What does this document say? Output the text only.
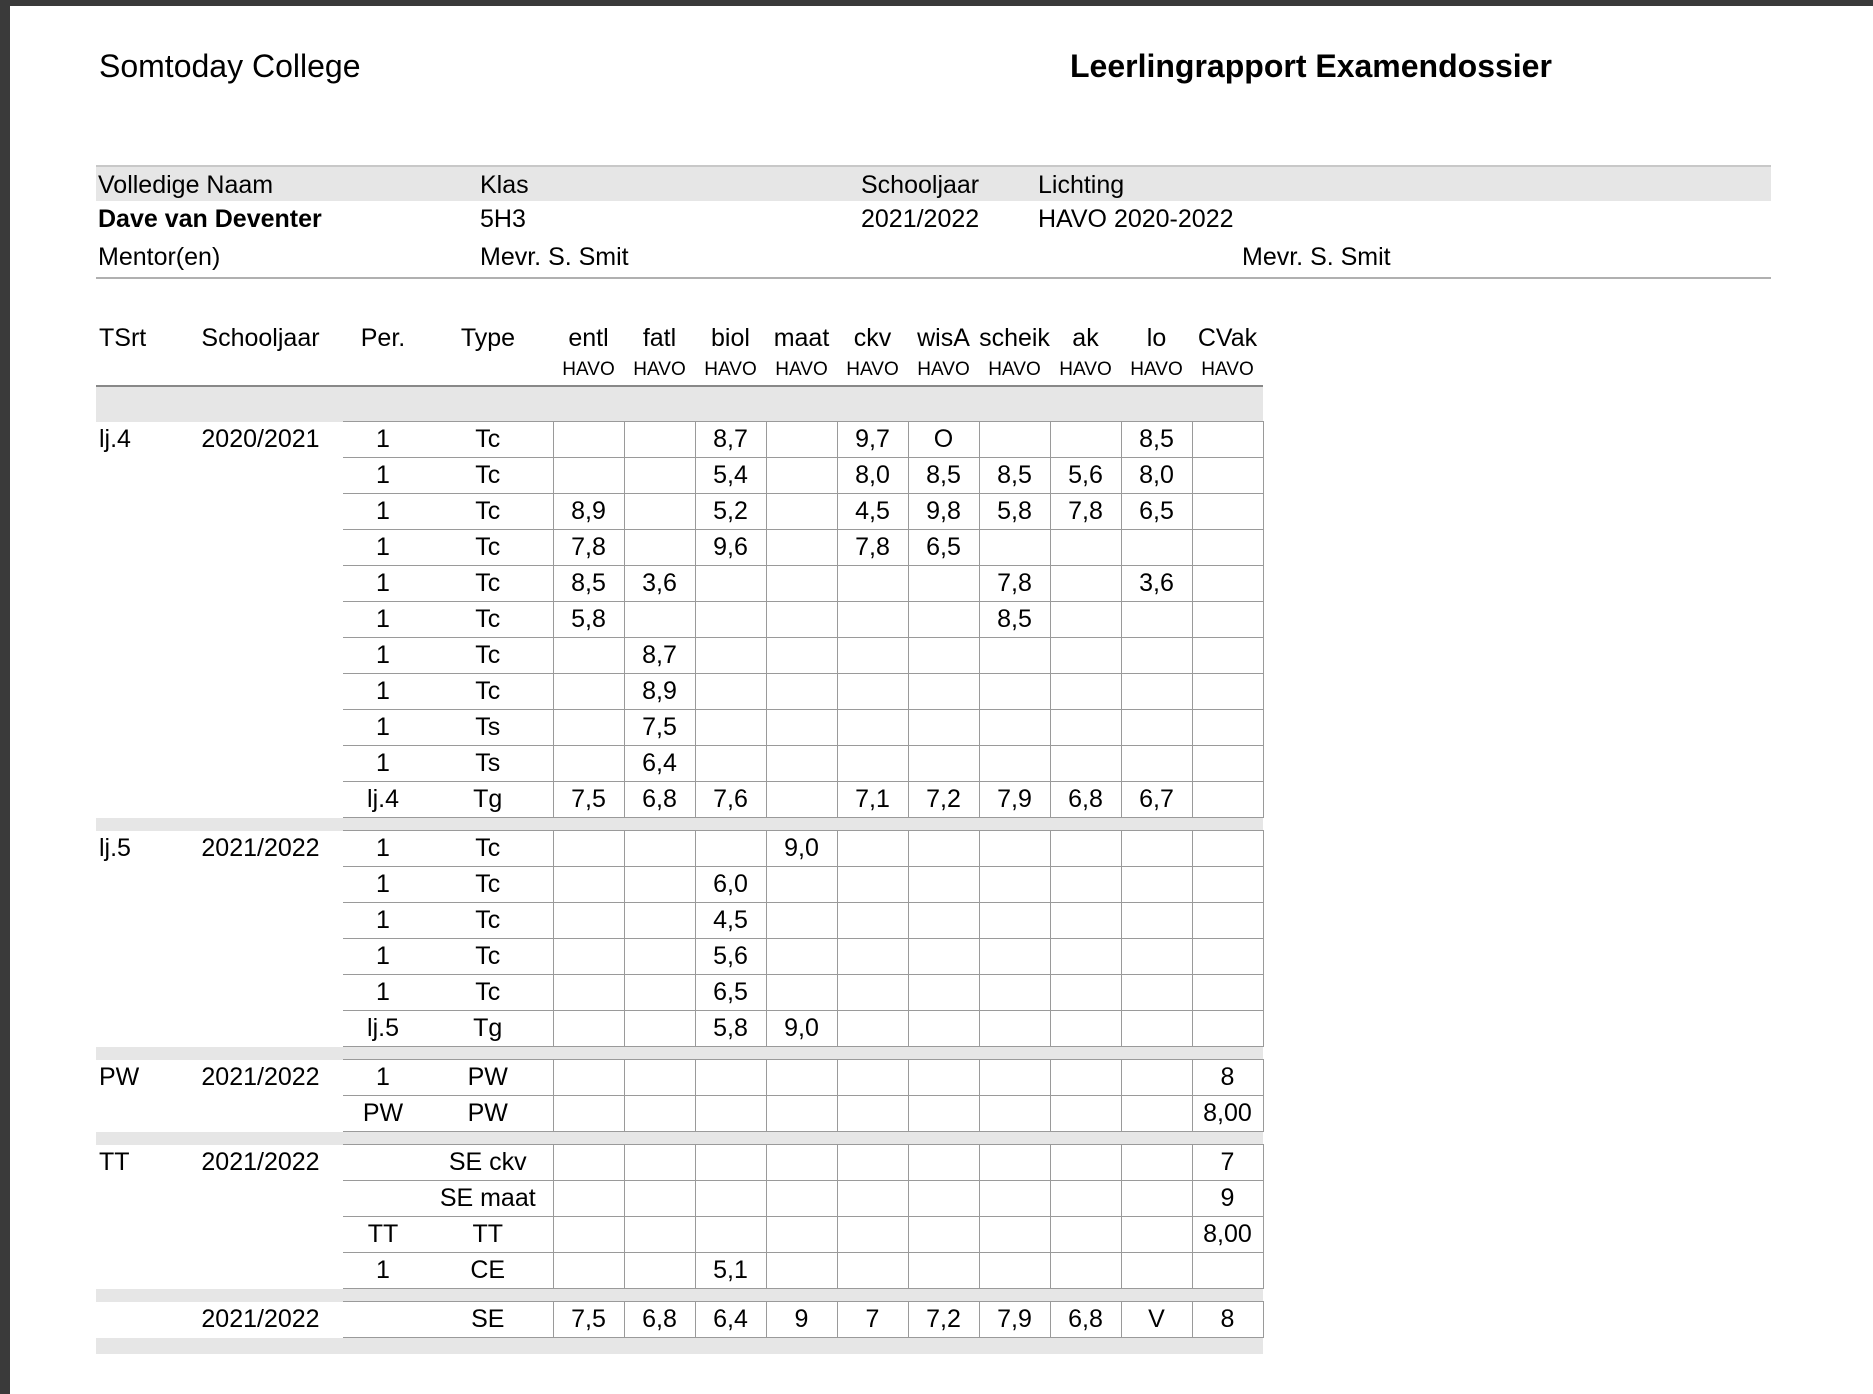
Somtoday College	Leerlingrapport Examendossier
Volledige Naam	Klas	Schooljaar Lichting
Dave van Deventer	5H3	2021/2022 HAVO 2020-2022
Mentor(en)	Mevr. S. Smit	Mevr. S. Smit
TSrt	Schooljaar	Per.	Type	entl	fatl	biol	maat	ckv	wisA	scheik	ak	lo	CVak
				HAVO	HAVO	HAVO	HAVO	HAVO	HAVO	HAVO	HAVO	HAVO	HAVO

lj.4	2020/2021	1	Tc			8,7		9,7	O			8,5	
		1	Tc			5,4		8,0	8,5	8,5	5,6	8,0	
		1	Tc	8,9		5,2		4,5	9,8	5,8	7,8	6,5	
		1	Tc	7,8		9,6		7,8	6,5				
		1	Tc	8,5	3,6					7,8		3,6	
		1	Tc	5,8						8,5			
		1	Tc		8,7								
		1	Tc		8,9								
		1	Ts		7,5								
		1	Ts		6,4								
		lj.4	Tg	7,5	6,8	7,6		7,1	7,2	7,9	6,8	6,7	

lj.5	2021/2022	1	Tc				9,0						
		1	Tc			6,0							
		1	Tc			4,5							
		1	Tc			5,6							
		1	Tc			6,5							
		lj.5	Tg			5,8	9,0						

PW	2021/2022	1	PW										8
		PW	PW										8,00

TT	2021/2022		SE ckv										7
			SE maat										9
		TT	TT										8,00
		1	CE			5,1							

	2021/2022		SE	7,5	6,8	6,4	9	7	7,2	7,9	6,8	V	8
